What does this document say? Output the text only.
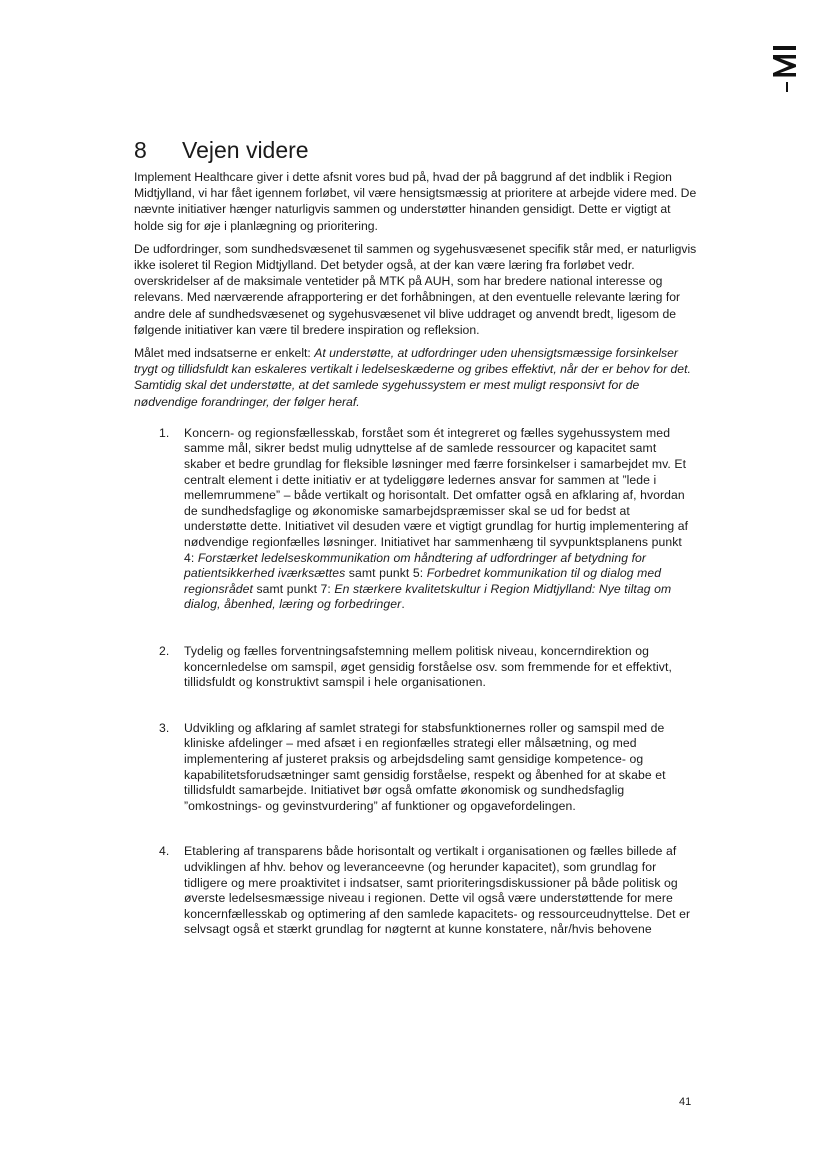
8 Vejen videre

Implement Healthcare giver i dette afsnit vores bud på, hvad der på baggrund af det indblik i Region Midtjylland, vi har fået igennem forløbet, vil være hensigtsmæssig at prioritere at arbejde videre med. De nævnte initiativer hænger naturligvis sammen og understøtter hinanden gensidigt. Dette er vigtigt at holde sig for øje i planlægning og prioritering.

De udfordringer, som sundhedsvæsenet til sammen og sygehusvæsenet specifik står med, er naturligvis ikke isoleret til Region Midtjylland. Det betyder også, at der kan være læring fra forløbet vedr. overskridelser af de maksimale ventetider på MTK på AUH, som har bredere national interesse og relevans. Med nærværende afrapportering er det forhåbningen, at den eventuelle relevante læring for andre dele af sundhedsvæsenet og sygehusvæsenet vil blive uddraget og anvendt bredt, ligesom de følgende initiativer kan være til bredere inspiration og refleksion.

Målet med indsatserne er enkelt: At understøtte, at udfordringer uden uhensigtsmæssige forsinkelser trygt og tillidsfuldt kan eskaleres vertikalt i ledelseskæderne og gribes effektivt, når der er behov for det. Samtidig skal det understøtte, at det samlede sygehussystem er mest muligt responsivt for de nødvendige forandringer, der følger heraf.

1. Koncern- og regionsfællesskab, forstået som ét integreret og fælles sygehussystem med samme mål, sikrer bedst mulig udnyttelse af de samlede ressourcer og kapacitet samt skaber et bedre grundlag for fleksible løsninger med færre forsinkelser i samarbejdet mv. Et centralt element i dette initiativ er at tydeliggøre ledernes ansvar for sammen at ”lede i mellemrummene” – både vertikalt og horisontalt. Det omfatter også en afklaring af, hvordan de sundhedsfaglige og økonomiske samarbejdspræmisser skal se ud for bedst at understøtte dette. Initiativet vil desuden være et vigtigt grundlag for hurtig implementering af nødvendige regionfælles løsninger. Initiativet har sammenhæng til syvpunktsplanens punkt 4: Forstærket ledelseskommunikation om håndtering af udfordringer af betydning for patientsikkerhed iværksættes samt punkt 5: Forbedret kommunikation til og dialog med regionsrådet samt punkt 7: En stærkere kvalitetskultur i Region Midtjylland: Nye tiltag om dialog, åbenhed, læring og forbedringer.
2. Tydelig og fælles forventningsafstemning mellem politisk niveau, koncerndirektion og koncernledelse om samspil, øget gensidig forståelse osv. som fremmende for et effektivt, tillidsfuldt og konstruktivt samspil i hele organisationen.
3. Udvikling og afklaring af samlet strategi for stabsfunktionernes roller og samspil med de kliniske afdelinger – med afsæt i en regionfælles strategi eller målsætning, og med implementering af justeret praksis og arbejdsdeling samt gensidige kompetence- og kapabilitetsforudsætninger samt gensidig forståelse, respekt og åbenhed for at skabe et tillidsfuldt samarbejde. Initiativet bør også omfatte økonomisk og sundhedsfaglig ”omkostnings- og gevinstvurdering” af funktioner og opgavefordelingen.
4. Etablering af transparens både horisontalt og vertikalt i organisationen og fælles billede af udviklingen af hhv. behov og leveranceevne (og herunder kapacitet), som grundlag for tidligere og mere proaktivitet i indsatser, samt prioriteringsdiskussioner på både politisk og øverste ledelsesmæssige niveau i regionen. Dette vil også være understøttende for mere koncernfællesskab og optimering af den samlede kapacitets- og ressourceudnyttelse. Det er selvsagt også et stærkt grundlag for nøgternt at kunne konstatere, når/hvis behovene
41
